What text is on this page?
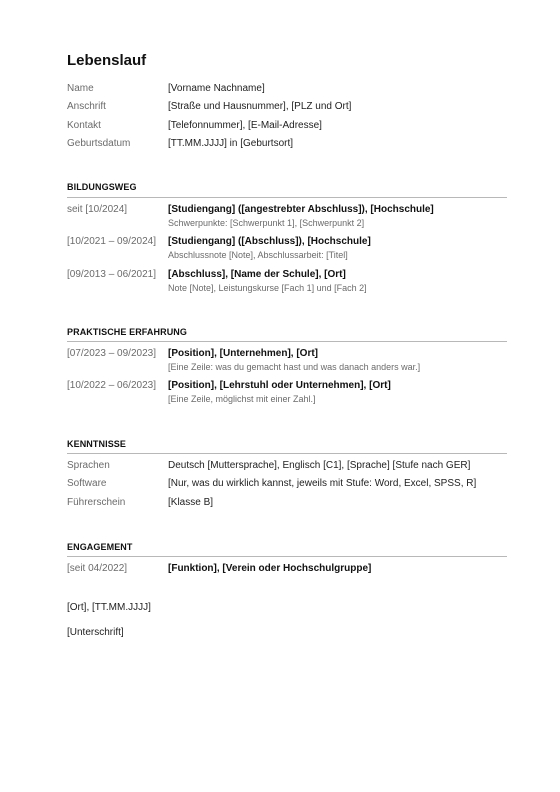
Lebenslauf
Name	[Vorname Nachname]
Anschrift	[Straße und Hausnummer], [PLZ und Ort]
Kontakt	[Telefonnummer], [E-Mail-Adresse]
Geburtsdatum	[TT.MM.JJJJ] in [Geburtsort]
BILDUNGSWEG
seit [10/2024]	[Studiengang] ([angestrebter Abschluss]), [Hochschule]
Schwerpunkte: [Schwerpunkt 1], [Schwerpunkt 2]
[10/2021 – 09/2024] [Studiengang] ([Abschluss]), [Hochschule]
Abschlussnote [Note], Abschlussarbeit: [Titel]
[09/2013 – 06/2021] [Abschluss], [Name der Schule], [Ort]
Note [Note], Leistungskurse [Fach 1] und [Fach 2]
PRAKTISCHE ERFAHRUNG
[07/2023 – 09/2023] [Position], [Unternehmen], [Ort]
[Eine Zeile: was du gemacht hast und was danach anders war.]
[10/2022 – 06/2023] [Position], [Lehrstuhl oder Unternehmen], [Ort]
[Eine Zeile, möglichst mit einer Zahl.]
KENNTNISSE
Sprachen	Deutsch [Muttersprache], Englisch [C1], [Sprache] [Stufe nach GER]
Software	[Nur, was du wirklich kannst, jeweils mit Stufe: Word, Excel, SPSS, R]
Führerschein	[Klasse B]
ENGAGEMENT
[seit 04/2022]	[Funktion], [Verein oder Hochschulgruppe]
[Ort], [TT.MM.JJJJ]
[Unterschrift]
